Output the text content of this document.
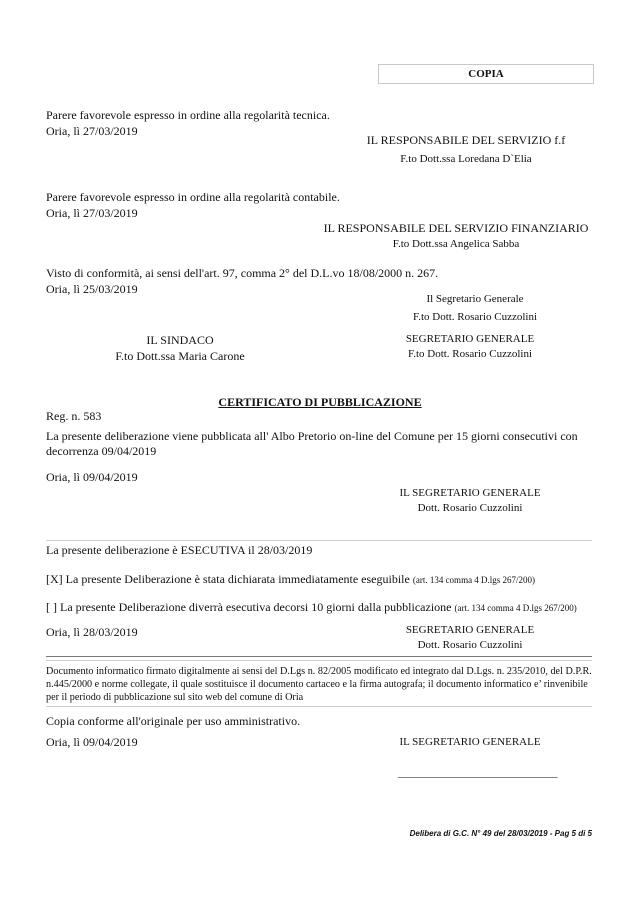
COPIA
Parere favorevole espresso in ordine alla regolarità tecnica.
Oria, lì 27/03/2019
IL RESPONSABILE DEL SERVIZIO f.f
F.to Dott.ssa Loredana D`Elia
Parere favorevole espresso in ordine alla regolarità contabile.
Oria, lì 27/03/2019
IL RESPONSABILE DEL SERVIZIO FINANZIARIO
F.to Dott.ssa Angelica Sabba
Visto di conformità, ai sensi dell'art. 97, comma 2° del D.L.vo 18/08/2000 n. 267.
Oria, lì 25/03/2019
Il Segretario Generale
F.to Dott. Rosario Cuzzolini
IL SINDACO
F.to Dott.ssa Maria Carone
SEGRETARIO GENERALE
F.to Dott. Rosario Cuzzolini
CERTIFICATO DI PUBBLICAZIONE
Reg. n. 583
La presente deliberazione viene pubblicata all' Albo Pretorio on-line del Comune per 15 giorni consecutivi con decorrenza 09/04/2019
Oria, lì 09/04/2019
IL SEGRETARIO GENERALE
Dott. Rosario Cuzzolini
La presente deliberazione è ESECUTIVA il 28/03/2019
[X] La presente Deliberazione è stata dichiarata immediatamente eseguibile (art. 134 comma 4 D.lgs 267/200)
[ ] La presente Deliberazione diverrà esecutiva decorsi 10 giorni dalla pubblicazione (art. 134 comma 4 D.lgs 267/200)
Oria, lì 28/03/2019	SEGRETARIO GENERALE
Dott. Rosario Cuzzolini
Documento informatico firmato digitalmente ai sensi del D.Lgs n. 82/2005 modificato ed integrato dal D.Lgs. n. 235/2010, del D.P.R. n.445/2000 e norme collegate, il quale sostituisce il documento cartaceo e la firma autografa; il documento informatico e’ rinvenibile per il periodo di pubblicazione sul sito web del comune di Oria
Copia conforme all'originale per uso amministrativo.
Oria, lì 09/04/2019	IL SEGRETARIO GENERALE
_____________________________
Delibera di G.C. N° 49 del 28/03/2019 - Pag 5 di 5
